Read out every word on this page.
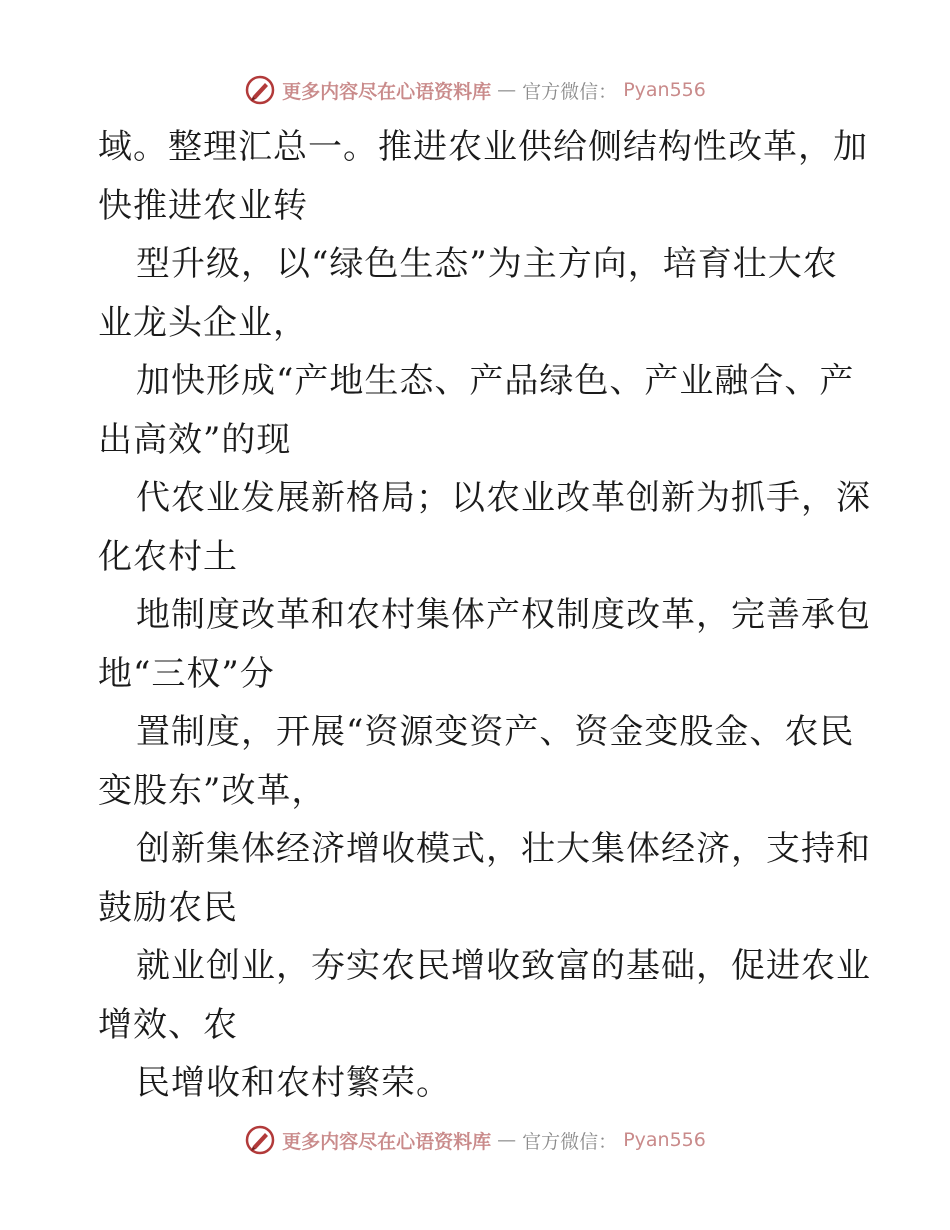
更多内容尽在心语资料库 — 官方微信： Pyan556
域。整理汇总一。推进农业供给侧结构性改革，加
快推进农业转
型升级，以“绿色生态”为主方向，培育壮大农
业龙头企业，
加快形成“产地生态、产品绿色、产业融合、产
出高效”的现
代农业发展新格局；以农业改革创新为抓手，深
化农村土
地制度改革和农村集体产权制度改革，完善承包
地“三权”分
置制度，开展“资源变资产、资金变股金、农民
变股东”改革，
创新集体经济增收模式，壮大集体经济，支持和
鼓励农民
就业创业，夯实农民增收致富的基础，促进农业
增效、农
民增收和农村繁荣。
更多内容尽在心语资料库 — 官方微信： Pyan556
